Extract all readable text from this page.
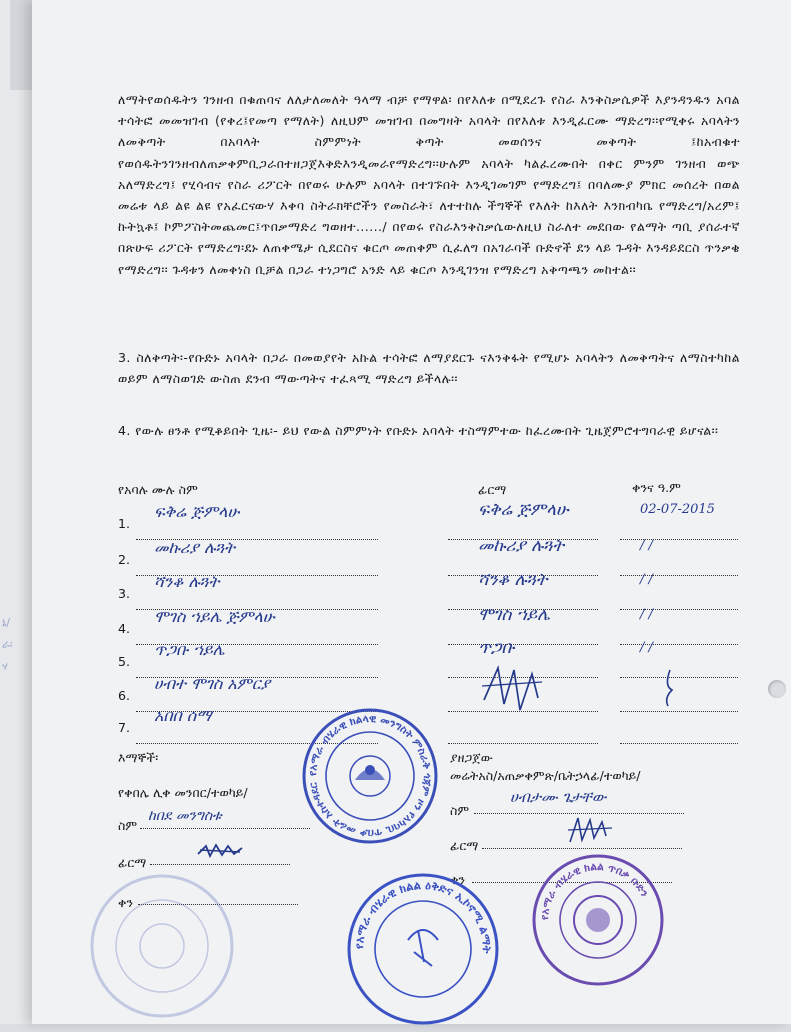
ኔ/
ራ፡
ሃ
ለማትየወሰዱትን ገንዘብ በቁጠባና ለለታለመለት ዓላማ ብቻ የማዋል፡ በየእለቱ በሚደረጉ የስራ እንቅስቃሴዎች እያንዳንዱን አባል ተሳትፎ መመዝገብ (የቀረ፤የመጣ የማለት) ለዚህም መዝገብ በመግዛት አባላት በየእለቱ እንዲፈርሙ ማድረግ፡፡የሚቀሩ አባላትን ለመቅጣት በአባላት ስምምነት ቅጣት መወሰንና መቅጣት ፤ከአብቁተ የወሰዱትንገንዘብለጠቃቀምቢጋራበተዘጋጀእቅድእንዲመራየማድረግ፡፡ሁሉም አባላት ካልፈረሙበት በቀር ምንም ገንዘብ ወጭ አለማድረግ፤ የሂሳብና የስራ ሪፖርት በየወሩ ሁሉም አባላት በተገኙበት እንዲገመገም የማድረግ፤ በባለሙያ ምክር መሰረት በወል መሬቱ ላይ ልዩ ልዩ የአፈርናውሃ እቀባ ስትራክቸሮችን የመስራት፣ ለተተከሉ ችግኞች የእለት ከእለት እንክብካቤ የማድረግ/አረም፤ ኩትኳቶ፤ ኮምፖስትመጨመር፤ጥበቃማድረ ግወዘተ....../ በየወሩ የስራእንቅስቃሴውለዚህ ስራለተ መደበው የልማት ጣቢ ያሰራተኛ በጽሁፍ ሪፖርት የማድረግ፡ደኑ ለጠቀሜታ ሲደርስና ቁርጦ መጠቀም ሲፈለግ በአገራባች ቡድኖች ደን ላይ ጉዳት እንዳይደርስ ጥንቃቄ የማድረግ፡፡ ጉዳቱን ለመቀነስ ቢቻል በጋራ ተነጋግሮ አንድ ላይ ቁርጦ እንዲገንዝ የማድረግ አቅጣጫን መከተል፡፡
3. ስለቅጣት፡-የቡድኑ አባላት በጋራ በመወያየት አኩል ተሳትፎ ለማያደርጉ ናእንቅፋት የሚሆኑ አባላትን ለመቅጣትና ለማስተካከል ወይም ለማስወገድ ውስጠ ደንብ ማውጣትና ተፈጻሚ ማድረግ ይችላሉ፡፡
4. የውሉ ፀንቶ የሚቆይበት ጊዜ፡- ይህ የውል ስምምነት የቡድኑ አባላት ተስማምተው ከፈረሙበት ጊዜጀምሮተግባራዊ ይሆናል፡፡
የአባሉ ሙሉ ስም	ፊርማ	ቀንና ዓ.ም
1.
ፍቅሬ ጅምላሁ	ፍቅሬ ጅምላሁ	02-07-2015
2.
መኩሪያ ሉጓት	መኩሪያ ሉጓት	/ /
3.
ሻንቆ ሉጓት	ሻንቆ ሉጓት	/ /
4.
ሞገስ ኀይሌ ጅምላሁ	ሞገስ ኀይሌ	/ /
5.
ጥጋቡ ኀይሌ	ጥጋቡ	/ /
6.
ሀብተ ሞገስ አምርያ
7.
አበበ ሰማ
እማኞች፡
የቀበሌ ሊቀ መንበር/ተወካይ/
ስም
ከበደ መንግስቱ
ፊርማ
ቀን
ያዘጋጀው
መሬትአስ/አጠቃቀምጽ/ቤትኃላፊ/ተወካይ/
ስም
ሀብታሙ ጌታቸው
ፊርማ
ቀን
የአማራ ብሄራዊ ክልላዊ መንግስት ምስራቅ ጎጃም ዞን የአካባቢ ጥበቃ መሬት አስተዳደር
የአማራ ብሄራዊ ክልል ዕቅድና ኢኮኖሚ ልማት
የአማራ ብሄራዊ ክልል ጥበቃ ቡድን
